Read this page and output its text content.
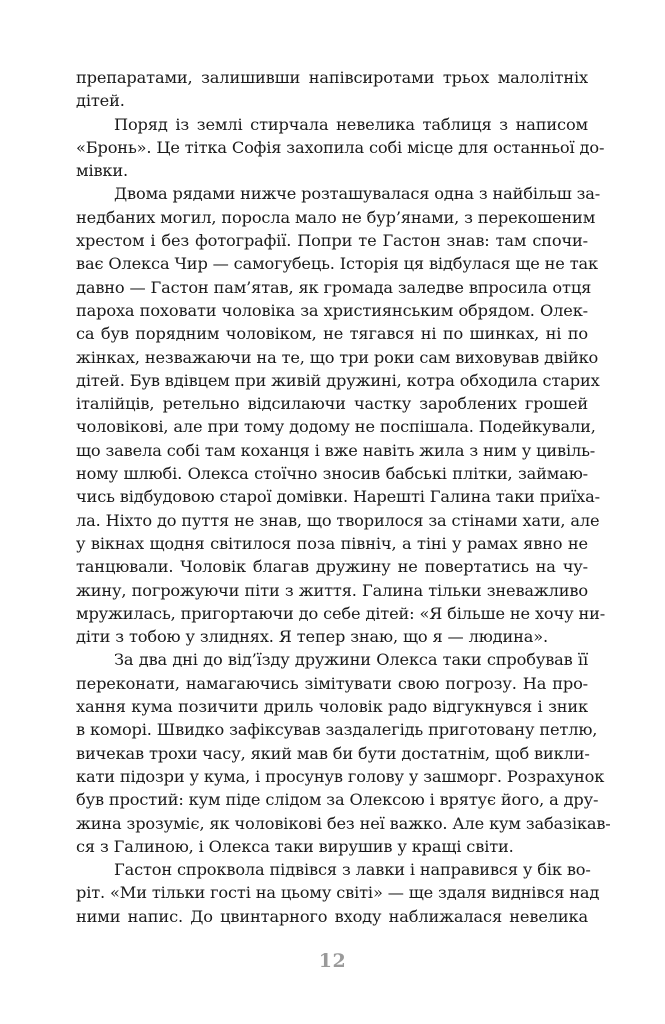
препаратами, залишивши напівсиротами трьох малолітніх
дітей.
Поряд із землі стирчала невелика таблиця з написом
«Бронь». Це тітка Софія захопила собі місце для останньої до-
мівки.
Двома рядами нижче розташувалася одна з найбільш за-
недбаних могил, поросла мало не бур’янами, з перекошеним
хрестом і без фотографії. Попри те Гастон знав: там спочи-
ває Олекса Чир — самогубець. Історія ця відбулася ще не так
давно — Гастон пам’ятав, як громада заледве впросила отця
пароха поховати чоловіка за християнським обрядом. Олек-
са був порядним чоловіком, не тягався ні по шинках, ні по
жінках, незважаючи на те, що три роки сам виховував двійко
дітей. Був вдівцем при живій дружині, котра обходила старих
італійців, ретельно відсилаючи частку зароблених грошей
чоловікові, але при тому додому не поспішала. Подейкували,
що завела собі там коханця і вже навіть жила з ним у цивіль-
ному шлюбі. Олекса стоїчно зносив бабські плітки, займаю-
чись відбудовою старої домівки. Нарешті Галина таки приїха-
ла. Ніхто до пуття не знав, що творилося за стінами хати, але
у вікнах щодня світилося поза північ, а тіні у рамах явно не
танцювали. Чоловік благав дружину не повертатись на чу-
жину, погрожуючи піти з життя. Галина тільки зневажливо
мружилась, пригортаючи до себе дітей: «Я більше не хочу ни-
діти з тобою у злиднях. Я тепер знаю, що я — людина».
За два дні до від’їзду дружини Олекса таки спробував її
переконати, намагаючись зімітувати свою погрозу. На про-
хання кума позичити дриль чоловік радо відгукнувся і зник
в коморі. Швидко зафіксував заздалегідь приготовану петлю,
вичекав трохи часу, який мав би бути достатнім, щоб викли-
кати підозри у кума, і просунув голову у зашморг. Розрахунок
був простий: кум піде слідом за Олексою і врятує його, а дру-
жина зрозуміє, як чоловікові без неї важко. Але кум забазікав-
ся з Галиною, і Олекса таки вирушив у кращі світи.
Гастон спроквола підвівся з лавки і направився у бік во-
ріт. «Ми тільки гості на цьому світі» — ще здаля виднівся над
ними напис. До цвинтарного входу наближалася невелика
12
